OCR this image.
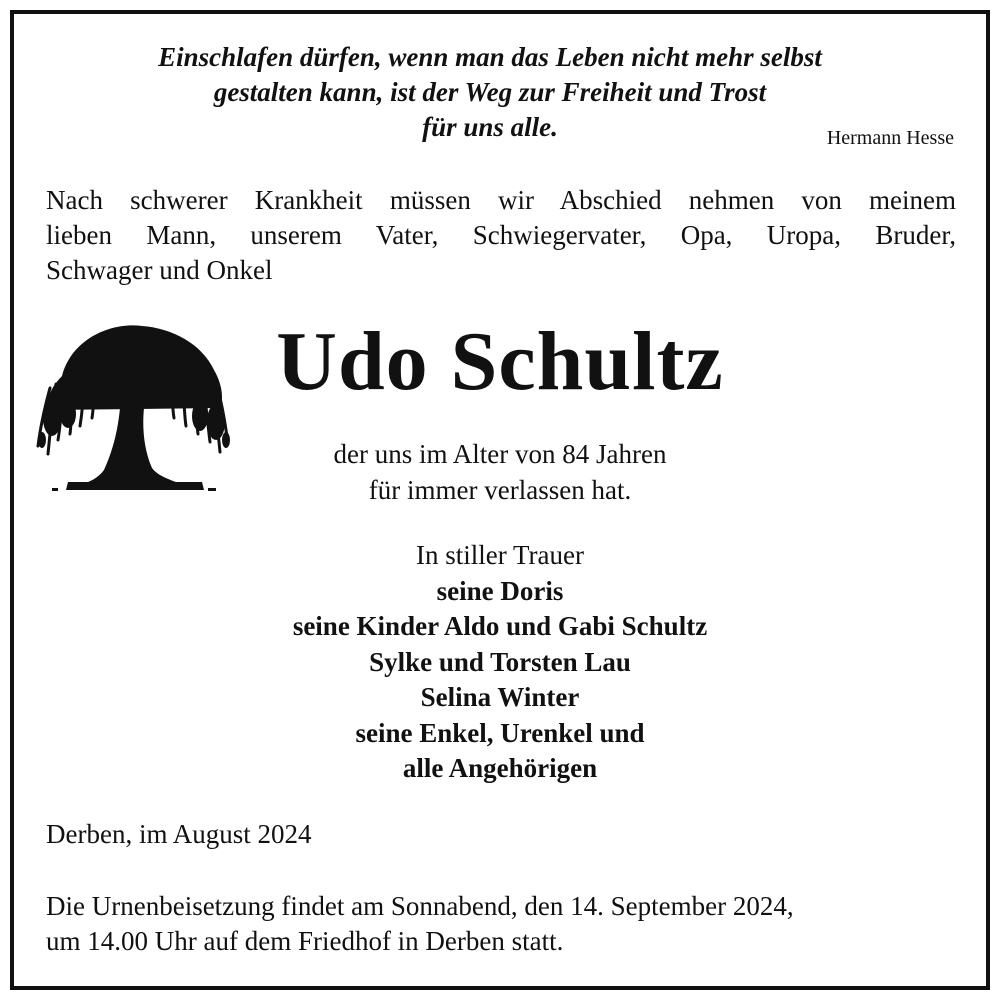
Einschlafen dürfen, wenn man das Leben nicht mehr selbst
gestalten kann, ist der Weg zur Freiheit und Trost
für uns alle.	Hermann Hesse
Nach schwerer Krankheit müssen wir Abschied nehmen von meinem
lieben Mann, unserem Vater, Schwiegervater, Opa, Uropa, Bruder,
Schwager und Onkel
Udo Schultz
der uns im Alter von 84 Jahren
für immer verlassen hat.
In stiller Trauer
seine Doris
seine Kinder Aldo und Gabi Schultz
Sylke und Torsten Lau
Selina Winter
seine Enkel, Urenkel und
alle Angehörigen
Derben, im August 2024
Die Urnenbeisetzung findet am Sonnabend, den 14. September 2024,
um 14.00 Uhr auf dem Friedhof in Derben statt.
